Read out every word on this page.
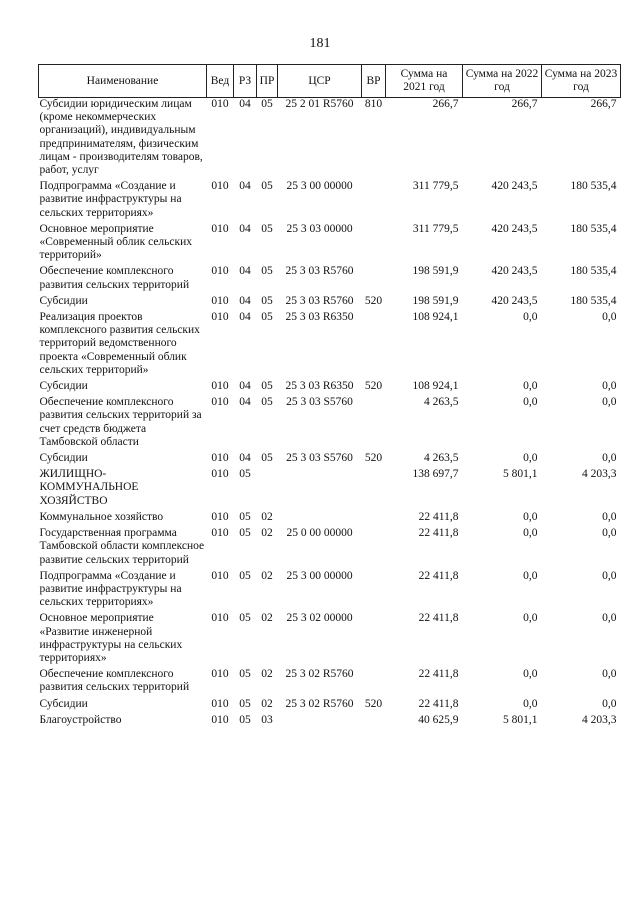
181
Наименование	Вед	РЗ	ПР	ЦСР	ВР	Сумма на 2021 год	Сумма на 2022 год	Сумма на 2023 год
Субсидии юридическим лицам (кроме некоммерческих организаций), индивидуальным предпринимателям, физическим лицам - производителям товаров, работ, услуг	010	04	05	25 2 01 R5760	810	266,7	266,7	266,7
Подпрограмма «Создание и развитие инфраструктуры на сельских территориях»	010	04	05	25 3 00 00000		311 779,5	420 243,5	180 535,4
Основное мероприятие «Современный облик сельских территорий»	010	04	05	25 3 03 00000		311 779,5	420 243,5	180 535,4
Обеспечение комплексного развития сельских территорий	010	04	05	25 3 03 R5760		198 591,9	420 243,5	180 535,4
Субсидии	010	04	05	25 3 03 R5760	520	198 591,9	420 243,5	180 535,4
Реализация проектов комплексного развития сельских территорий ведомственного проекта «Современный облик сельских территорий»	010	04	05	25 3 03 R6350		108 924,1	0,0	0,0
Субсидии	010	04	05	25 3 03 R6350	520	108 924,1	0,0	0,0
Обеспечение комплексного развития сельских территорий за счет средств бюджета Тамбовской области	010	04	05	25 3 03 S5760		4 263,5	0,0	0,0
Субсидии	010	04	05	25 3 03 S5760	520	4 263,5	0,0	0,0
ЖИЛИЩНО-КОММУНАЛЬНОЕ ХОЗЯЙСТВО	010	05				138 697,7	5 801,1	4 203,3
Коммунальное хозяйство	010	05	02			22 411,8	0,0	0,0
Государственная программа Тамбовской области комплексное развитие сельских территорий	010	05	02	25 0 00 00000		22 411,8	0,0	0,0
Подпрограмма «Создание и развитие инфраструктуры на сельских территориях»	010	05	02	25 3 00 00000		22 411,8	0,0	0,0
Основное мероприятие «Развитие инженерной инфраструктуры на сельских территориях»	010	05	02	25 3 02 00000		22 411,8	0,0	0,0
Обеспечение комплексного развития сельских территорий	010	05	02	25 3 02 R5760		22 411,8	0,0	0,0
Субсидии	010	05	02	25 3 02 R5760	520	22 411,8	0,0	0,0
Благоустройство	010	05	03			40 625,9	5 801,1	4 203,3
